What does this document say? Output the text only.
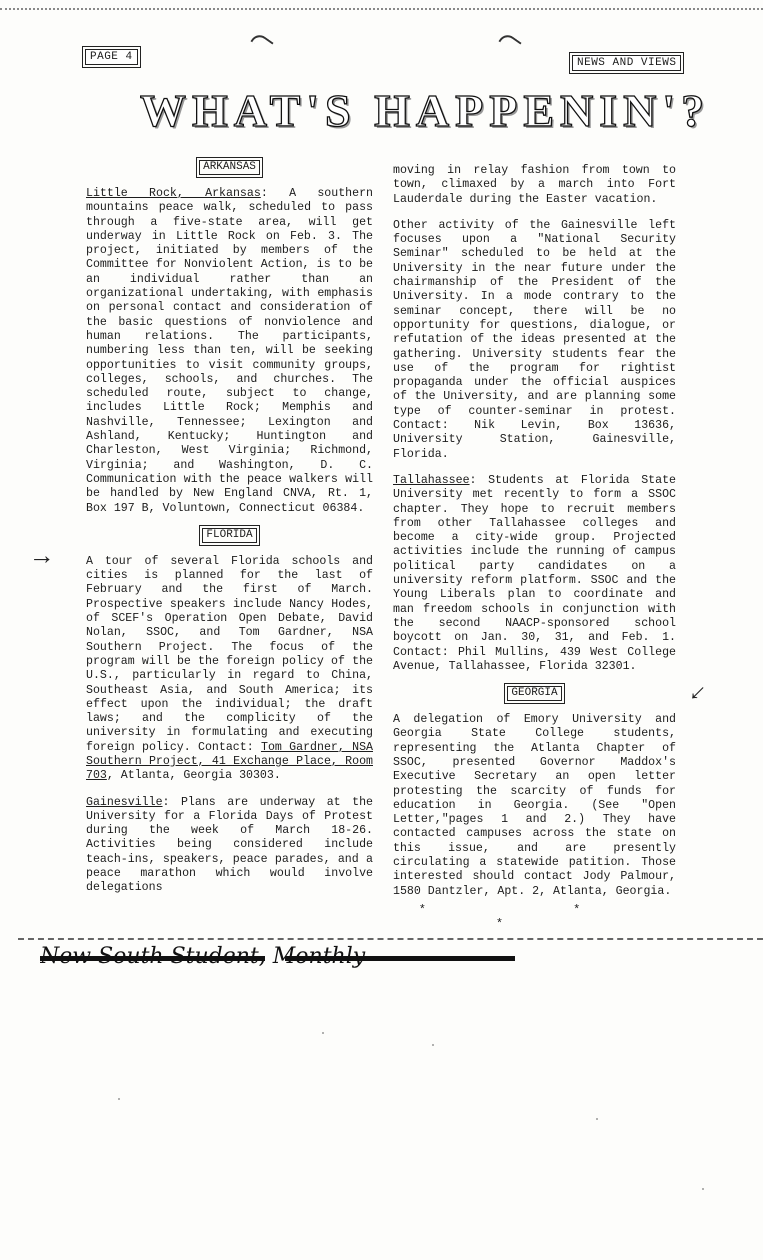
PAGE 4	NEWS AND VIEWS
WHAT'S HAPPENIN'?
ARKANSAS

Little Rock, Arkansas: A southern mountains peace walk, scheduled to pass through a five-state area, will get underway in Little Rock on Feb. 3. The project, initiated by members of the Committee for Nonviolent Action, is to be an individual rather than an organizational undertaking, with emphasis on personal contact and consideration of the basic questions of nonviolence and human relations. The participants, numbering less than ten, will be seeking opportunities to visit community groups, colleges, schools, and churches. The scheduled route, subject to change, includes Little Rock; Memphis and Nashville, Tennessee; Lexington and Ashland, Kentucky; Huntington and Charleston, West Virginia; Richmond, Virginia; and Washington, D. C. Communication with the peace walkers will be handled by New England CNVA, Rt. 1, Box 197 B, Voluntown, Connecticut 06384.

FLORIDA

A tour of several Florida schools and cities is planned for the last of February and the first of March. Prospective speakers include Nancy Hodes, of SCEF's Operation Open Debate, David Nolan, SSOC, and Tom Gardner, NSA Southern Project. The focus of the program will be the foreign policy of the U.S., particularly in regard to China, Southeast Asia, and South America; its effect upon the individual; the draft laws; and the complicity of the university in formulating and executing foreign policy. Contact: Tom Gardner, NSA Southern Project, 41 Exchange Place, Room 703, Atlanta, Georgia 30303.

Gainesville: Plans are underway at the University for a Florida Days of Protest during the week of March 18-26. Activities being considered include teach-ins, speakers, peace parades, and a peace marathon which would involve delegations

moving in relay fashion from town to town, climaxed by a march into Fort Lauderdale during the Easter vacation.

Other activity of the Gainesville left focuses upon a "National Security Seminar" scheduled to be held at the University in the near future under the chairmanship of the President of the University. In a mode contrary to the seminar concept, there will be no opportunity for questions, dialogue, or refutation of the ideas presented at the gathering. University students fear the use of the program for rightist propaganda under the official auspices of the University, and are planning some type of counter-seminar in protest. Contact: Nik Levin, Box 13636, University Station, Gainesville, Florida.

Tallahassee: Students at Florida State University met recently to form a SSOC chapter. They hope to recruit members from other Tallahassee colleges and become a city-wide group. Projected activities include the running of campus political party candidates on a university reform platform. SSOC and the Young Liberals plan to coordinate and man freedom schools in conjunction with the second NAACP-sponsored school boycott on Jan. 30, 31, and Feb. 1. Contact: Phil Mullins, 439 West College Avenue, Tallahassee, Florida 32301.

GEORGIA

A delegation of Emory University and Georgia State College students, representing the Atlanta Chapter of SSOC, presented Governor Maddox's Executive Secretary an open letter protesting the scarcity of funds for education in Georgia. (See "Open Letter,"pages 1 and 2.) They have contacted campuses across the state on this issue, and are presently circulating a statewide patition. Those interested should contact Jody Palmour, 1580 Dantzler, Apt. 2, Atlanta, Georgia.

* * *
→
←
